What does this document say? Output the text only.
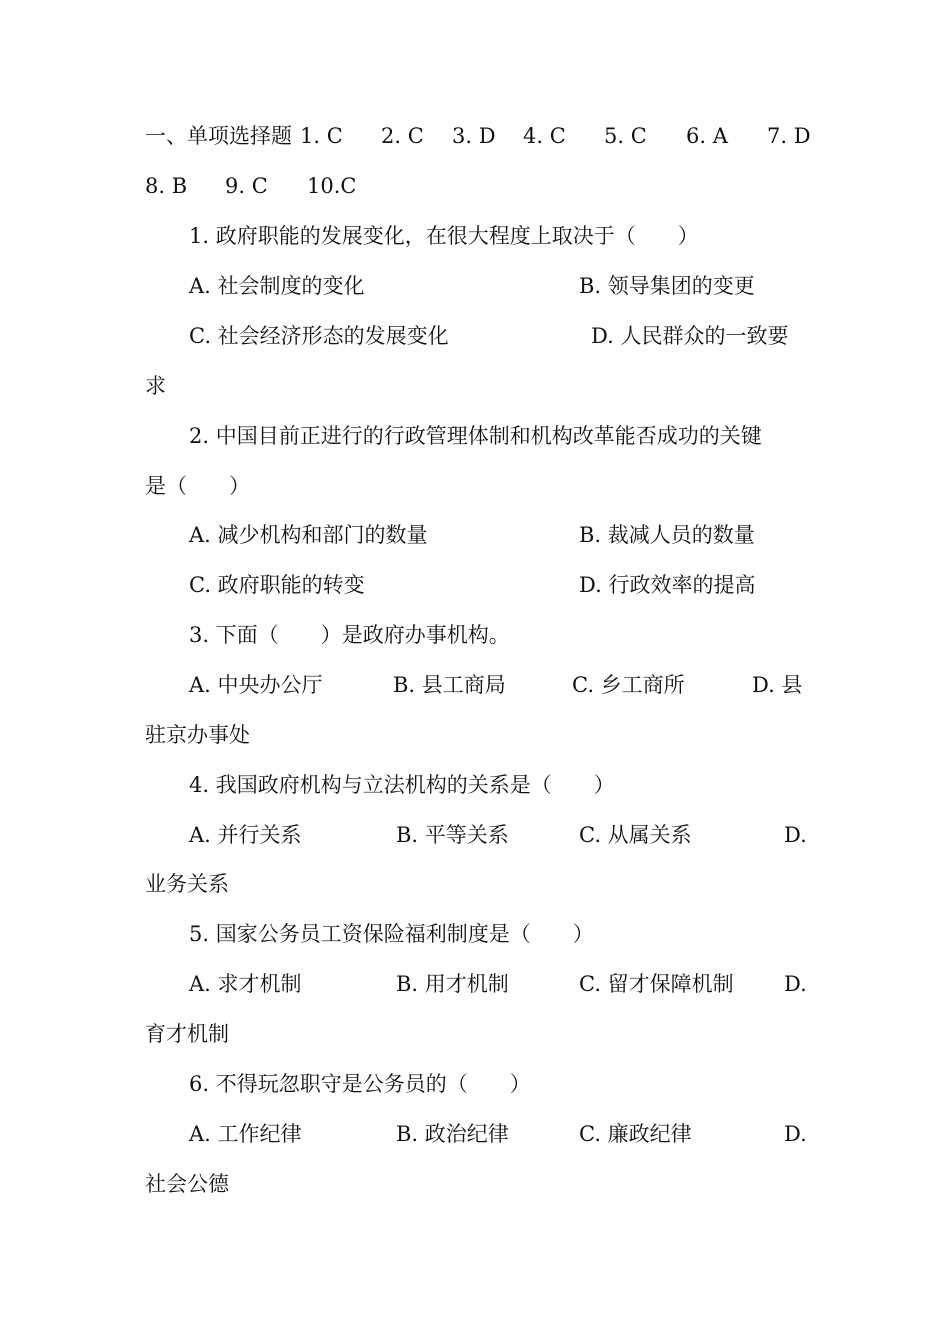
一、单项选择题 1. C 2. C 3. D 4. C 5. C 6. A 7. D
8. B 9. C 10.C
1. 政府职能的发展变化，在很大程度上取决于（　　）
A. 社会制度的变化	B. 领导集团的变更
C. 社会经济形态的发展变化	D. 人民群众的一致要
求
2. 中国目前正进行的行政管理体制和机构改革能否成功的关键
是（　　）
A. 减少机构和部门的数量	B. 裁减人员的数量
C. 政府职能的转变	D. 行政效率的提高
3. 下面（　　）是政府办事机构。
A. 中央办公厅	B. 县工商局	C. 乡工商所	D. 县
驻京办事处
4. 我国政府机构与立法机构的关系是（　　）
A. 并行关系	B. 平等关系	C. 从属关系	D.
业务关系
5. 国家公务员工资保险福利制度是（　　）
A. 求才机制	B. 用才机制	C. 留才保障机制 D.
育才机制
6. 不得玩忽职守是公务员的（　　）
A. 工作纪律	B. 政治纪律	C. 廉政纪律	D.
社会公德
